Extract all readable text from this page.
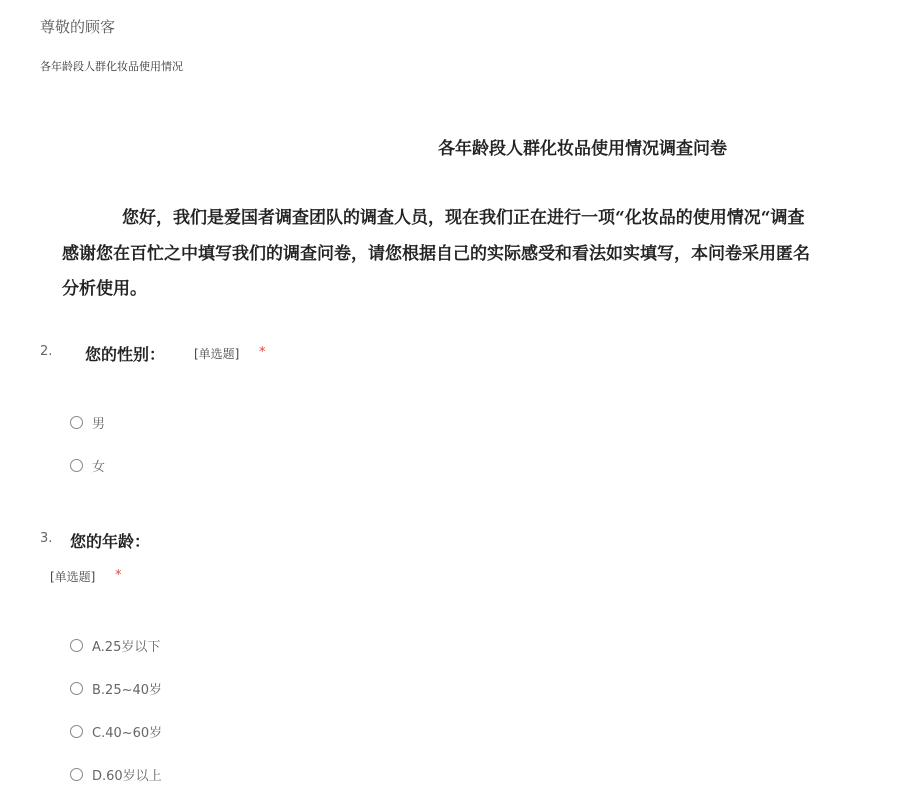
尊敬的顾客
各年龄段人群化妆品使用情况
各年龄段人群化妆品使用情况调查问卷
您好，我们是爱国者调查团队的调查人员，现在我们正在进行一项“化妆品的使用情况“调查
感谢您在百忙之中填写我们的调查问卷，请您根据自己的实际感受和看法如实填写，本问卷采用匿名
分析使用。
2. 您的性别： [单选题] *
男
女
3. 您的年龄：
[单选题] *
A.25岁以下
B.25~40岁
C.40~60岁
D.60岁以上
